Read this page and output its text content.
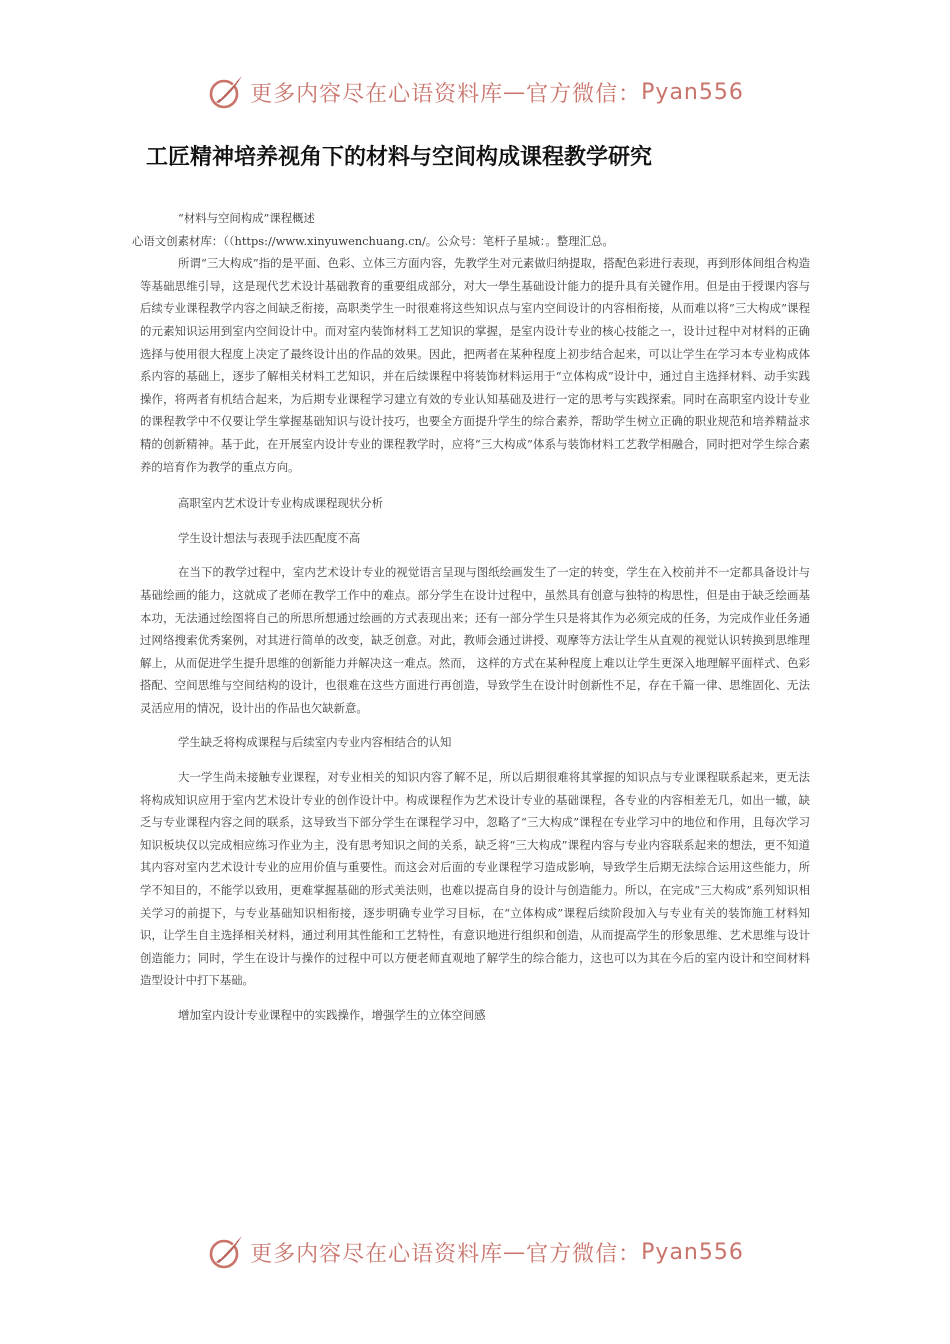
更多内容尽在心语资料库 — 官方微信： Pyan556
工匠精神培养视角下的材料与空间构成课程教学研究

“材料与空间构成”课程概述

心语文创素材库：（（https://www.xinyuwenchuang.cn/。公众号：笔杆子星城：。整理汇总。

所谓“三大构成”指的是平面、色彩、立体三方面内容，先教学生对元素做归纳提取，搭配色彩进行表现，再到形体间组合构造等基础思维引导，这是现代艺术设计基础教育的重要组成部分，对大一學生基础设计能力的提升具有关键作用。但是由于授课内容与后续专业课程教学内容之间缺乏衔接，高职类学生一时很难将这些知识点与室内空间设计的内容相衔接，从而难以将“三大构成”课程的元素知识运用到室内空间设计中。而对室内装饰材料工艺知识的掌握，是室内设计专业的核心技能之一，设计过程中对材料的正确选择与使用很大程度上决定了最终设计出的作品的效果。因此，把两者在某种程度上初步结合起来，可以让学生在学习本专业构成体系内容的基础上，逐步了解相关材料工艺知识，并在后续课程中将装饰材料运用于“立体构成”设计中，通过自主选择材料、动手实践操作，将两者有机结合起来，为后期专业课程学习建立有效的专业认知基础及进行一定的思考与实践探索。同时在高职室内设计专业的课程教学中不仅要让学生掌握基础知识与设计技巧，也要全方面提升学生的综合素养，帮助学生树立正确的职业规范和培养精益求精的创新精神。基于此，在开展室内设计专业的课程教学时，应将“三大构成”体系与装饰材料工艺教学相融合，同时把对学生综合素养的培育作为教学的重点方向。

高职室内艺术设计专业构成课程现状分析

学生设计想法与表现手法匹配度不高

在当下的教学过程中，室内艺术设计专业的视觉语言呈现与图纸绘画发生了一定的转变，学生在入校前并不一定都具备设计与基础绘画的能力，这就成了老师在教学工作中的难点。部分学生在设计过程中，虽然具有创意与独特的构思性，但是由于缺乏绘画基本功，无法通过绘图将自己的所思所想通过绘画的方式表现出来；还有一部分学生只是将其作为必须完成的任务，为完成作业任务通过网络搜索优秀案例，对其进行简单的改变，缺乏创意。对此，教师会通过讲授、观摩等方法让学生从直观的视觉认识转换到思维理解上，从而促进学生提升思维的创新能力并解决这一难点。然而， 这样的方式在某种程度上难以让学生更深入地理解平面样式、色彩搭配、空间思维与空间结构的设计，也很难在这些方面进行再创造，导致学生在设计时创新性不足，存在千篇一律、思维固化、无法灵活应用的情况，设计出的作品也欠缺新意。

学生缺乏将构成课程与后续室内专业内容相结合的认知

大一学生尚未接触专业课程，对专业相关的知识内容了解不足，所以后期很难将其掌握的知识点与专业课程联系起来，更无法将构成知识应用于室内艺术设计专业的创作设计中。构成课程作为艺术设计专业的基础课程，各专业的内容相差无几，如出一辙，缺乏与专业课程内容之间的联系，这导致当下部分学生在课程学习中，忽略了“三大构成”课程在专业学习中的地位和作用，且每次学习知识板块仅以完成相应练习作业为主，没有思考知识之间的关系，缺乏将“三大构成”课程内容与专业内容联系起来的想法，更不知道其内容对室内艺术设计专业的应用价值与重要性。而这会对后面的专业课程学习造成影响，导致学生后期无法综合运用这些能力，所学不知目的，不能学以致用，更难掌握基础的形式美法则，也难以提高自身的设计与创造能力。所以，在完成“三大构成”系列知识相关学习的前提下，与专业基础知识相衔接，逐步明确专业学习目标，在“立体构成”课程后续阶段加入与专业有关的装饰施工材料知识，让学生自主选择相关材料，通过利用其性能和工艺特性，有意识地进行组织和创造，从而提高学生的形象思维、艺术思维与设计创造能力；同时，学生在设计与操作的过程中可以方便老师直观地了解学生的综合能力，这也可以为其在今后的室内设计和空间材料造型设计中打下基础。

增加室内设计专业课程中的实践操作，增强学生的立体空间感

更多内容尽在心语资料库 — 官方微信： Pyan556
